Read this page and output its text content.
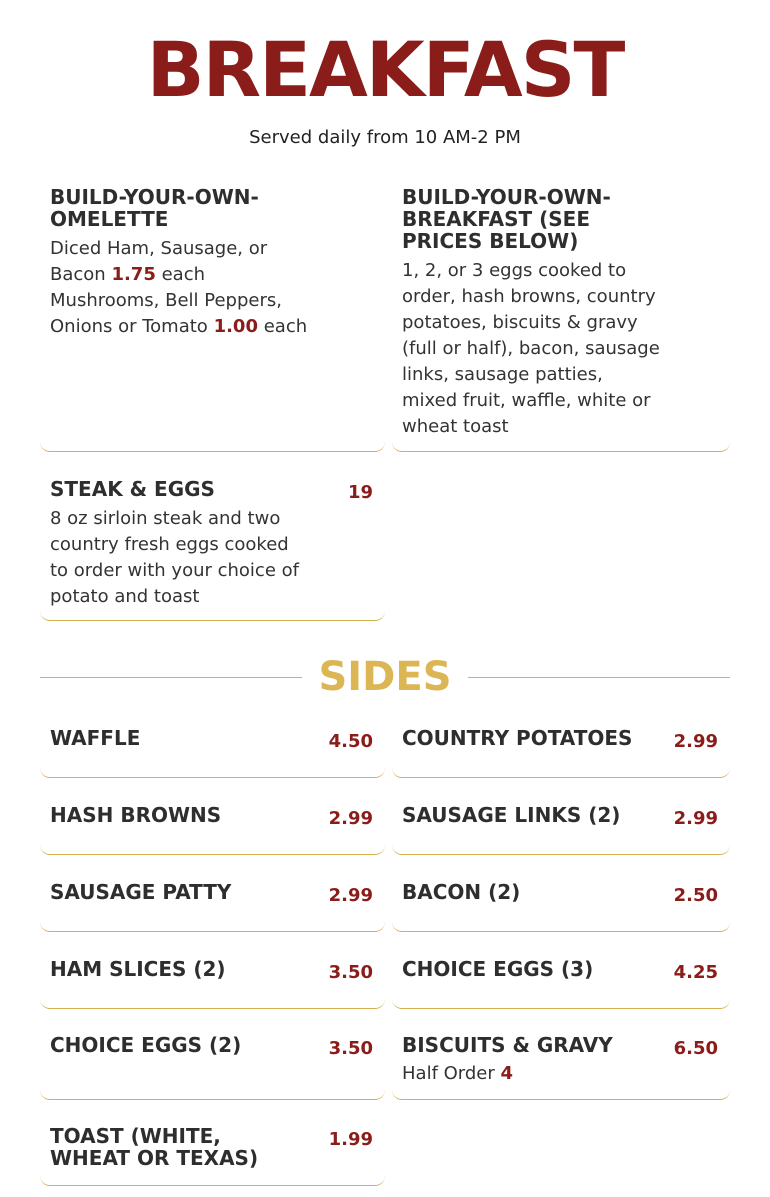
BREAKFAST
Served daily from 10 AM-2 PM
BUILD-YOUR-OWN-OMELETTE
Diced Ham, Sausage, or Bacon 1.75 each
Mushrooms, Bell Peppers, Onions or Tomato 1.00 each
BUILD-YOUR-OWN-BREAKFAST (SEE PRICES BELOW)
1, 2, or 3 eggs cooked to order, hash browns, country potatoes, biscuits & gravy (full or half), bacon, sausage links, sausage patties, mixed fruit, waffle, white or wheat toast
STEAK & EGGS	19
8 oz sirloin steak and two country fresh eggs cooked to order with your choice of potato and toast
SIDES
WAFFLE	4.50 COUNTRY POTATOES 2.99
HASH BROWNS	2.99 SAUSAGE LINKS (2)	2.99
SAUSAGE PATTY	2.99 BACON (2)	2.50
HAM SLICES (2)	3.50 CHOICE EGGS (3)	4.25
CHOICE EGGS (2)	3.50 BISCUITS & GRAVY	6.50
Half Order 4
TOAST (WHITE, WHEAT OR TEXAS)
1.99
